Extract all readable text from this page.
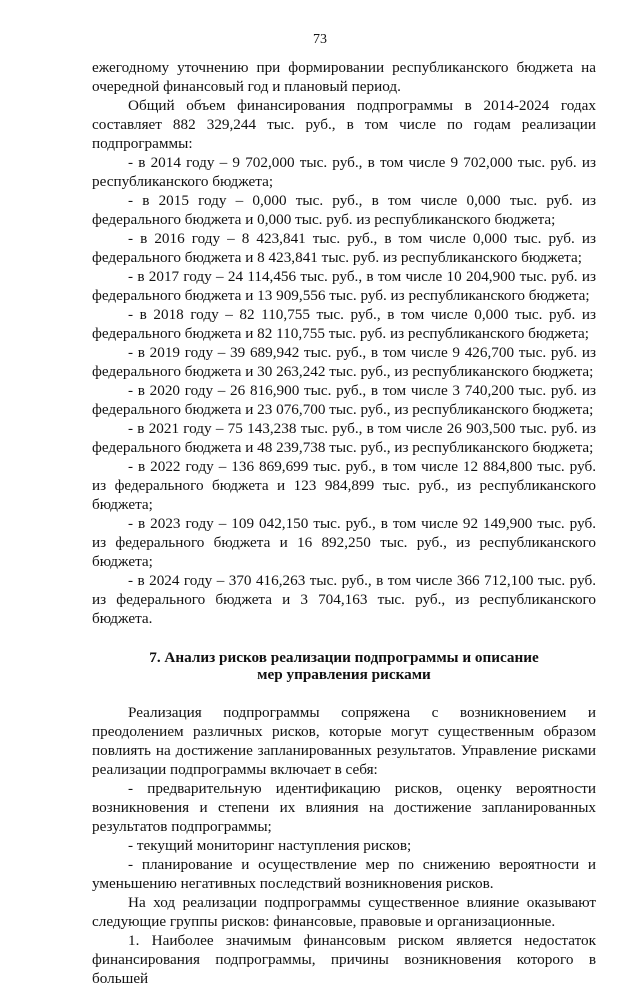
73

ежегодному уточнению при формировании республиканского бюджета на очередной финансовый год и плановый период.

Общий объем финансирования подпрограммы в 2014-2024 годах составляет 882 329,244 тыс. руб., в том числе по годам реализации подпрограммы:

- в 2014 году – 9 702,000 тыс. руб., в том числе 9 702,000 тыс. руб. из республиканского бюджета;

- в 2015 году – 0,000 тыс. руб., в том числе 0,000 тыс. руб. из федерального бюджета и 0,000 тыс. руб. из республиканского бюджета;

- в 2016 году – 8 423,841 тыс. руб., в том числе 0,000 тыс. руб. из федерального бюджета и 8 423,841 тыс. руб. из республиканского бюджета;

- в 2017 году – 24 114,456 тыс. руб., в том числе 10 204,900 тыс. руб. из федерального бюджета и 13 909,556 тыс. руб. из республиканского бюджета;

- в 2018 году – 82 110,755 тыс. руб., в том числе 0,000 тыс. руб. из федерального бюджета и 82 110,755 тыс. руб. из республиканского бюджета;

- в 2019 году – 39 689,942 тыс. руб., в том числе 9 426,700 тыс. руб. из федерального бюджета и 30 263,242 тыс. руб., из республиканского бюджета;

- в 2020 году – 26 816,900 тыс. руб., в том числе 3 740,200 тыс. руб. из федерального бюджета и 23 076,700 тыс. руб., из республиканского бюджета;

- в 2021 году – 75 143,238 тыс. руб., в том числе 26 903,500 тыс. руб. из федерального бюджета и 48 239,738 тыс. руб., из республиканского бюджета;

- в 2022 году – 136 869,699 тыс. руб., в том числе 12 884,800 тыс. руб. из федерального бюджета и 123 984,899 тыс. руб., из республиканского бюджета;

- в 2023 году – 109 042,150 тыс. руб., в том числе 92 149,900 тыс. руб. из федерального бюджета и 16 892,250 тыс. руб., из республиканского бюджета;

- в 2024 году – 370 416,263 тыс. руб., в том числе 366 712,100 тыс. руб. из федерального бюджета и 3 704,163 тыс. руб., из республиканского бюджета.

7. Анализ рисков реализации подпрограммы и описание
мер управления рисками

Реализация подпрограммы сопряжена с возникновением и преодолением различных рисков, которые могут существенным образом повлиять на достижение запланированных результатов. Управление рисками реализации подпрограммы включает в себя:

- предварительную идентификацию рисков, оценку вероятности возникновения и степени их влияния на достижение запланированных результатов подпрограммы;

- текущий мониторинг наступления рисков;

- планирование и осуществление мер по снижению вероятности и уменьшению негативных последствий возникновения рисков.

На ход реализации подпрограммы существенное влияние оказывают следующие группы рисков: финансовые, правовые и организационные.

1. Наиболее значимым финансовым риском является недостаток финансирования подпрограммы, причины возникновения которого в большей
